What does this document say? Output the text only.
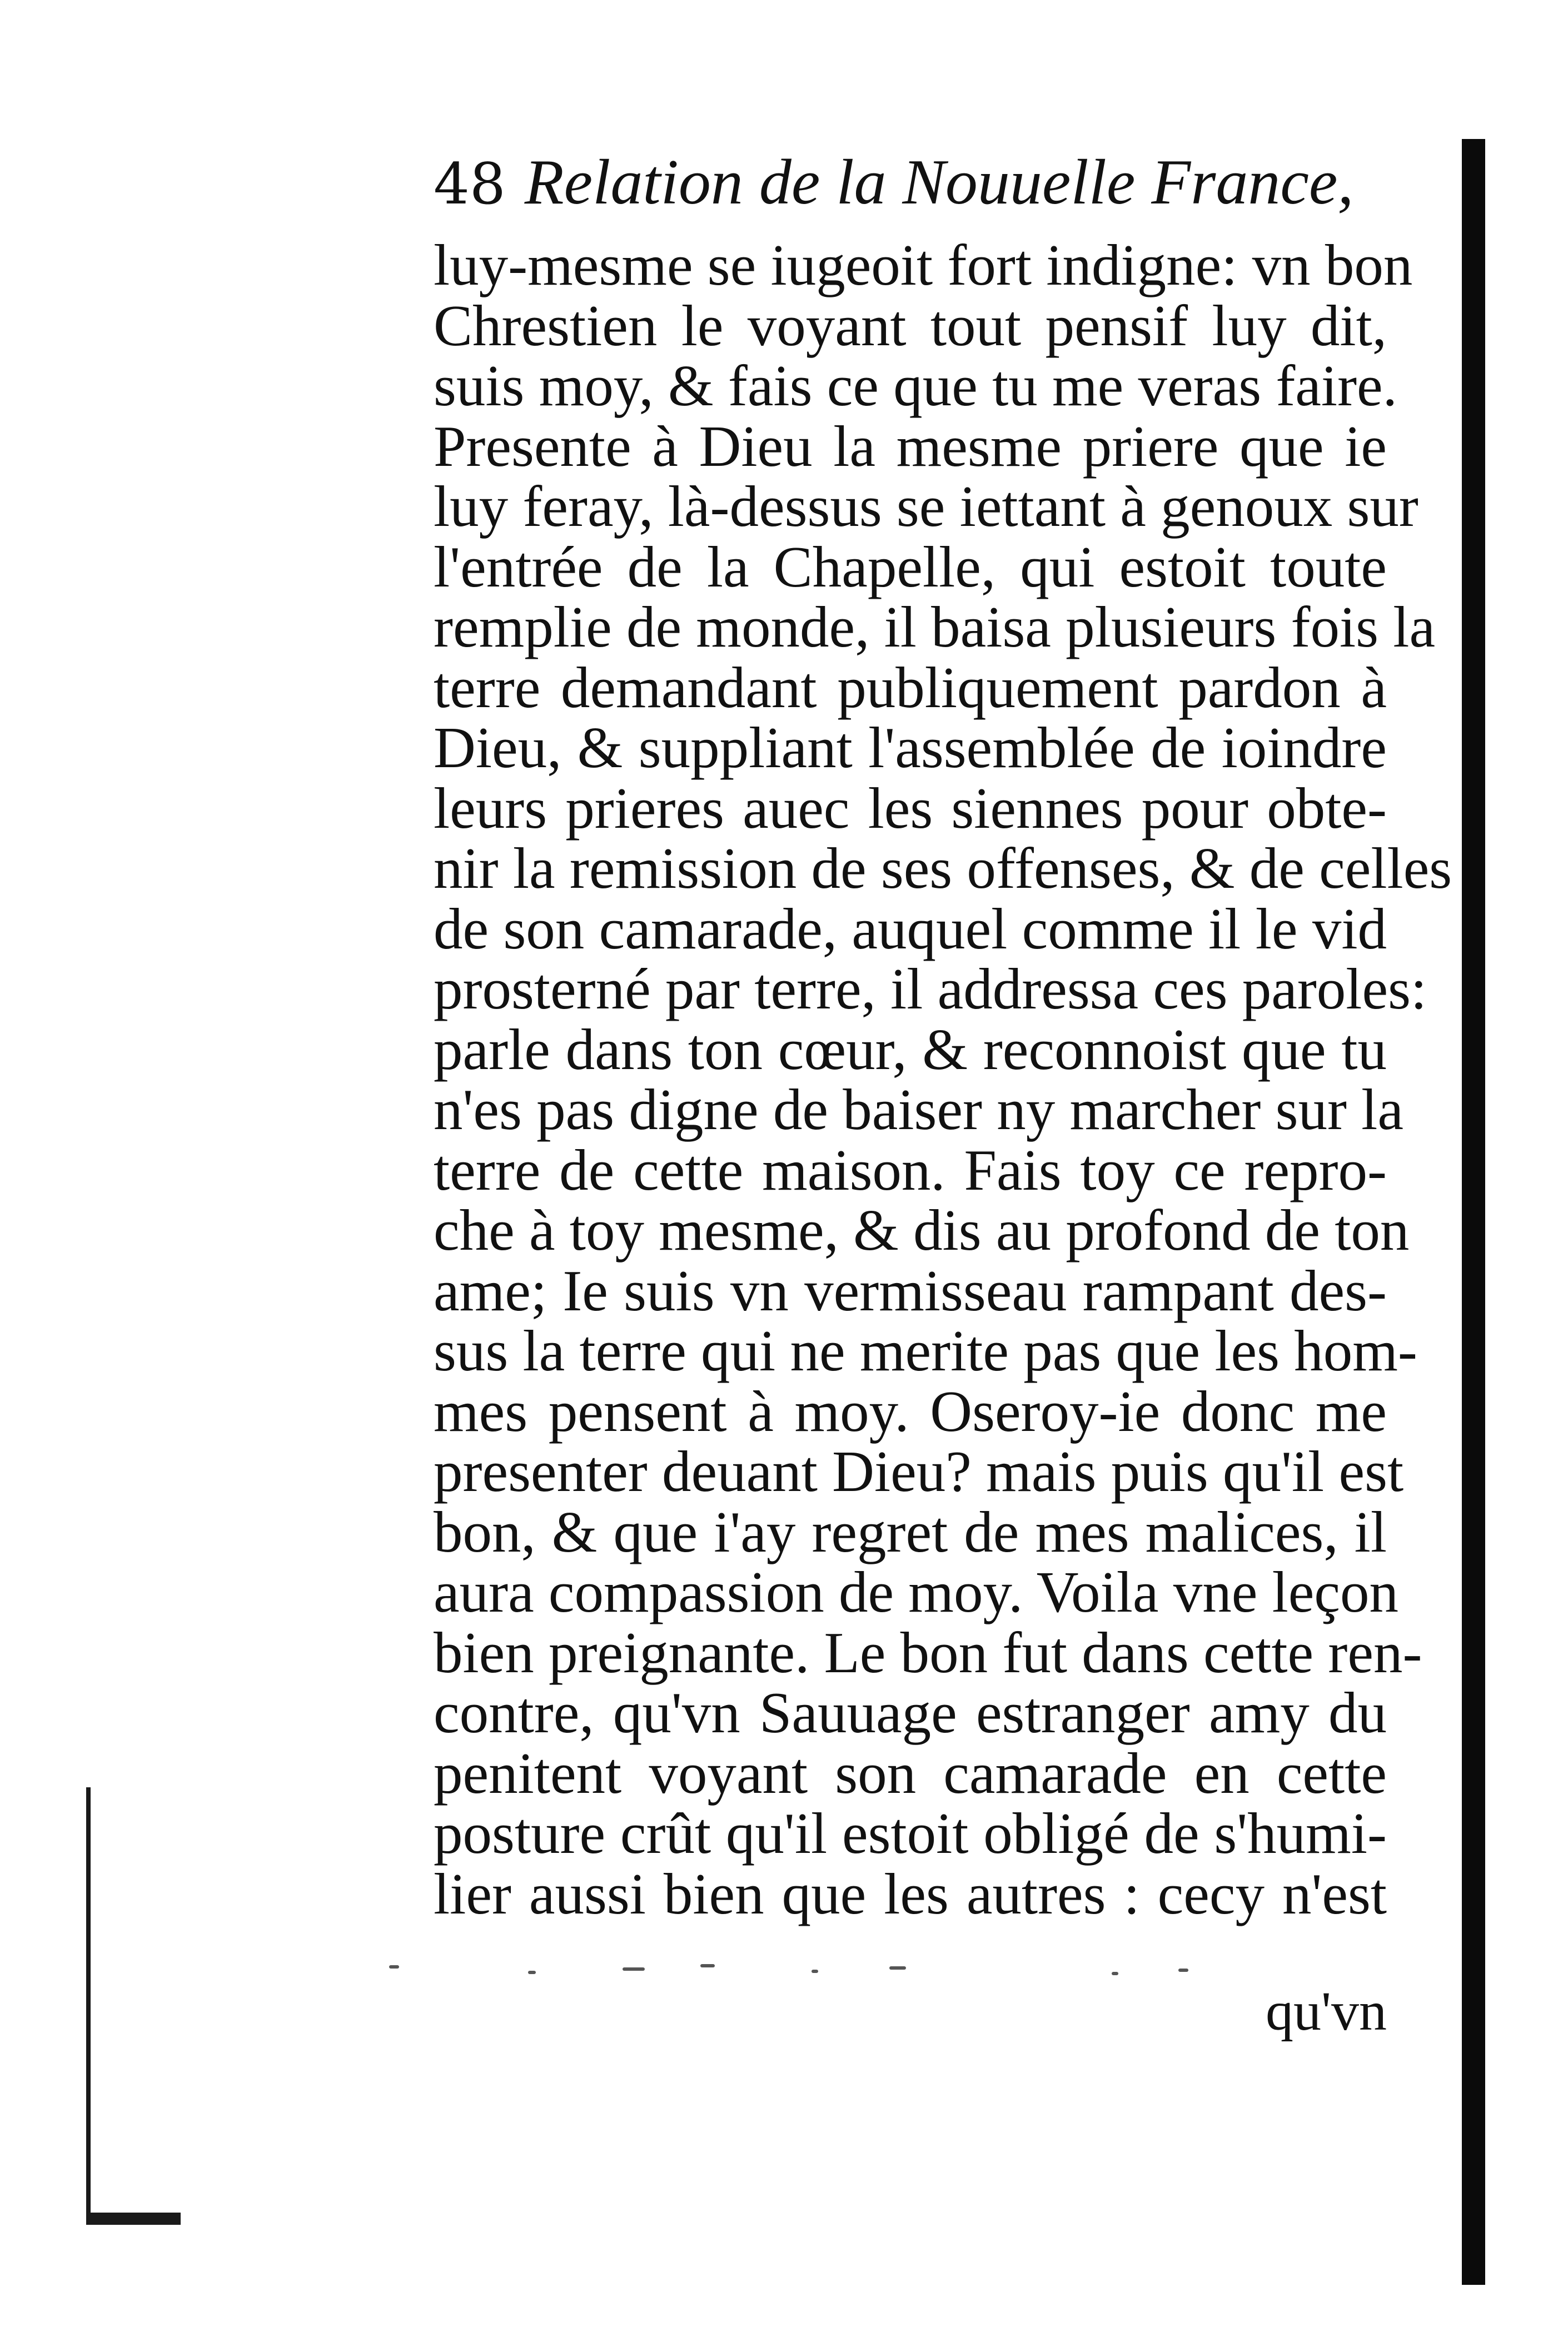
48 Relation de la Nouuelle France,
luy-mesme se iugeoit fort indigne: vn bon
Chrestien le voyant tout pensif luy dit,
suis moy, & fais ce que tu me veras faire.
Presente à Dieu la mesme priere que ie
luy feray, là-dessus se iettant à genoux sur
l'entrée de la Chapelle, qui estoit toute
remplie de monde, il baisa plusieurs fois la
terre demandant publiquement pardon à
Dieu, & suppliant l'assemblée de ioindre
leurs prieres auec les siennes pour obte-
nir la remission de ses offenses, & de celles
de son camarade, auquel comme il le vid
prosterné par terre, il addressa ces paroles:
parle dans ton cœur, & reconnoist que tu
n'es pas digne de baiser ny marcher sur la
terre de cette maison. Fais toy ce repro-
che à toy mesme, & dis au profond de ton
ame; Ie suis vn vermisseau rampant des-
sus la terre qui ne merite pas que les hom-
mes pensent à moy. Oseroy-ie donc me
presenter deuant Dieu? mais puis qu'il est
bon, & que i'ay regret de mes malices, il
aura compassion de moy. Voila vne leçon
bien preignante. Le bon fut dans cette ren-
contre, qu'vn Sauuage estranger amy du
penitent voyant son camarade en cette
posture crût qu'il estoit obligé de s'humi-
lier aussi bien que les autres : cecy n'est
qu'vn
